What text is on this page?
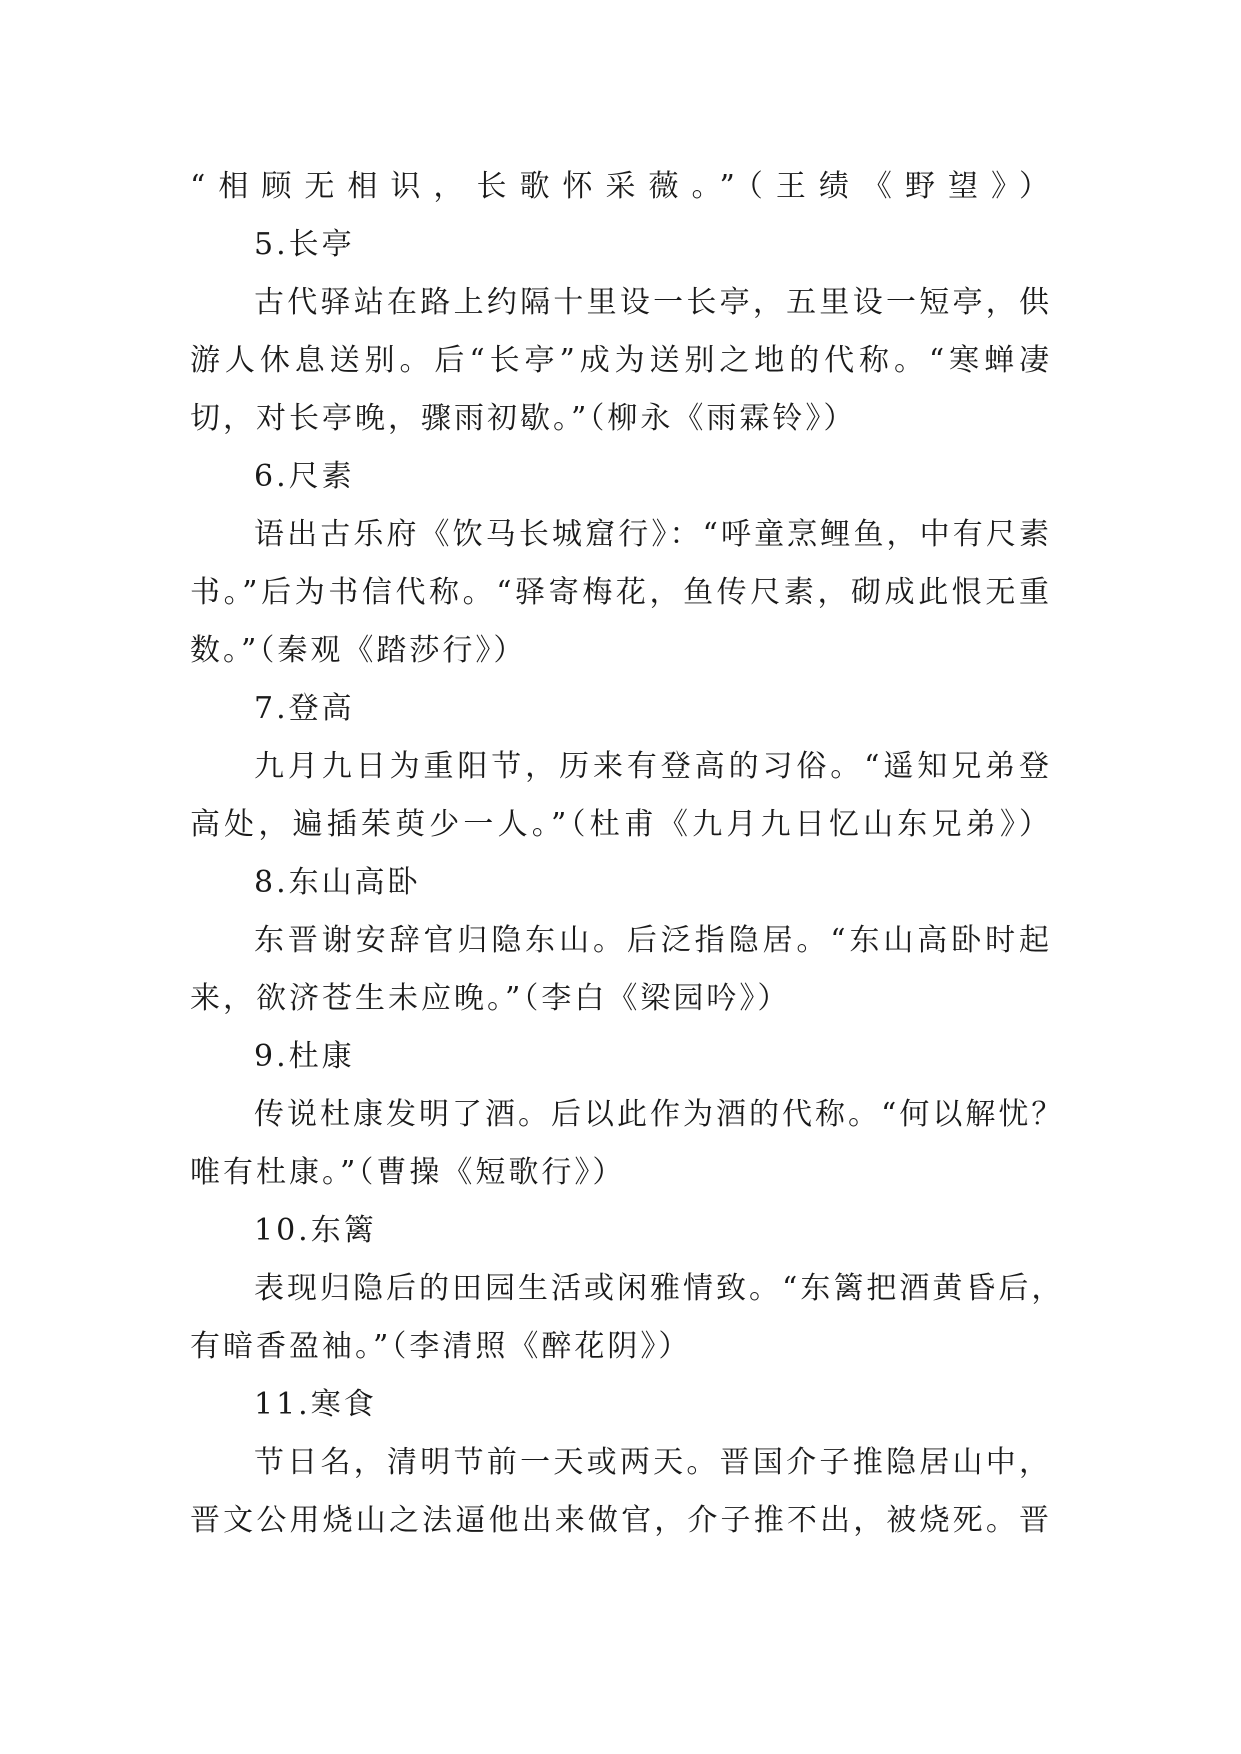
“相顾无相识，长歌怀采薇。”（王绩《野望》）
5.长亭
古代驿站在路上约隔十里设一长亭，五里设一短亭，供
游人休息送别。后“长亭”成为送别之地的代称。“寒蝉凄
切，对长亭晚，骤雨初歇。”（柳永《雨霖铃》）
6.尺素
语出古乐府《饮马长城窟行》：“呼童烹鲤鱼，中有尺素
书。”后为书信代称。“驿寄梅花，鱼传尺素，砌成此恨无重
数。”（秦观《踏莎行》）
7.登高
九月九日为重阳节，历来有登高的习俗。“遥知兄弟登
高处，遍插茱萸少一人。”（杜甫《九月九日忆山东兄弟》）
8.东山高卧
东晋谢安辞官归隐东山。后泛指隐居。“东山高卧时起
来，欲济苍生未应晚。”（李白《梁园吟》）
9.杜康
传说杜康发明了酒。后以此作为酒的代称。“何以解忧？
唯有杜康。”（曹操《短歌行》）
10.东篱
表现归隐后的田园生活或闲雅情致。“东篱把酒黄昏后，
有暗香盈袖。”（李清照《醉花阴》）
11.寒食
节日名，清明节前一天或两天。晋国介子推隐居山中，
晋文公用烧山之法逼他出来做官，介子推不出，被烧死。晋
